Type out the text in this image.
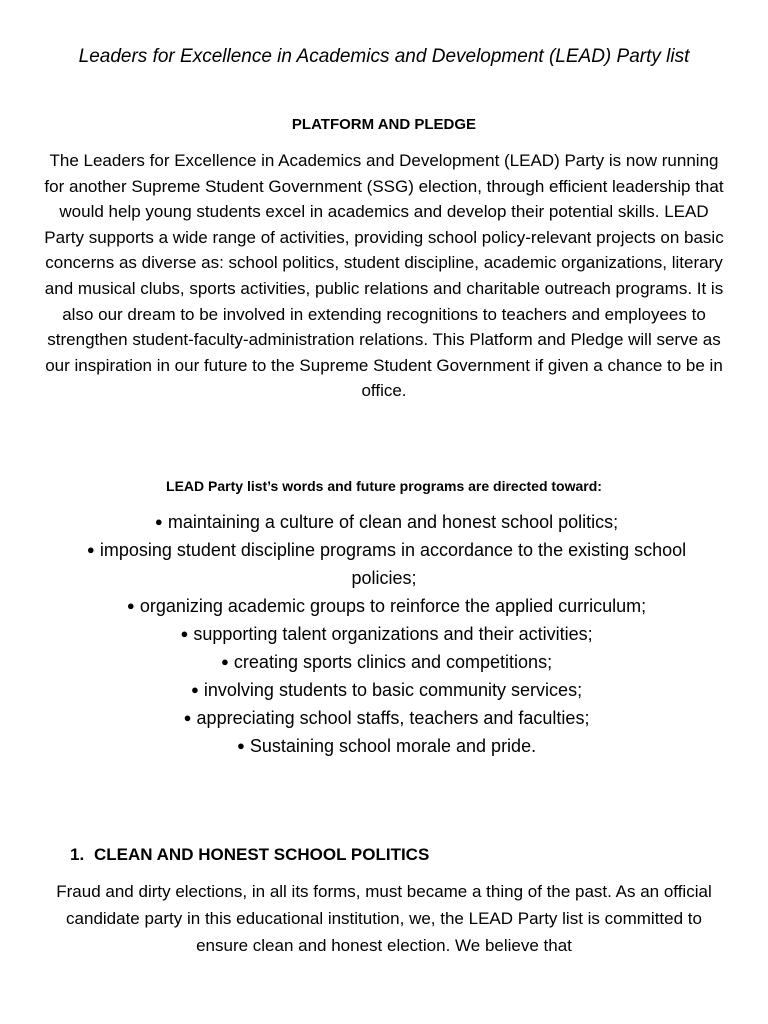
Leaders for Excellence in Academics and Development (LEAD) Party list
PLATFORM AND PLEDGE

The Leaders for Excellence in Academics and Development (LEAD) Party is now running for another Supreme Student Government (SSG) election, through efficient leadership that would help young students excel in academics and develop their potential skills. LEAD Party supports a wide range of activities, providing school policy-relevant projects on basic concerns as diverse as: school politics, student discipline, academic organizations, literary and musical clubs, sports activities, public relations and charitable outreach programs. It is also our dream to be involved in extending recognitions to teachers and employees to strengthen student-faculty-administration relations. This Platform and Pledge will serve as our inspiration in our future to the Supreme Student Government if given a chance to be in office.

LEAD Party list’s words and future programs are directed toward:
● maintaining a culture of clean and honest school politics;
● imposing student discipline programs in accordance to the existing school policies;
● organizing academic groups to reinforce the applied curriculum;
● supporting talent organizations and their activities;
● creating sports clinics and competitions;
● involving students to basic community services;
● appreciating school staffs, teachers and faculties;
● Sustaining school morale and pride.
1. CLEAN AND HONEST SCHOOL POLITICS

Fraud and dirty elections, in all its forms, must became a thing of the past. As an official candidate party in this educational institution, we, the LEAD Party list is committed to ensure clean and honest election. We believe that
